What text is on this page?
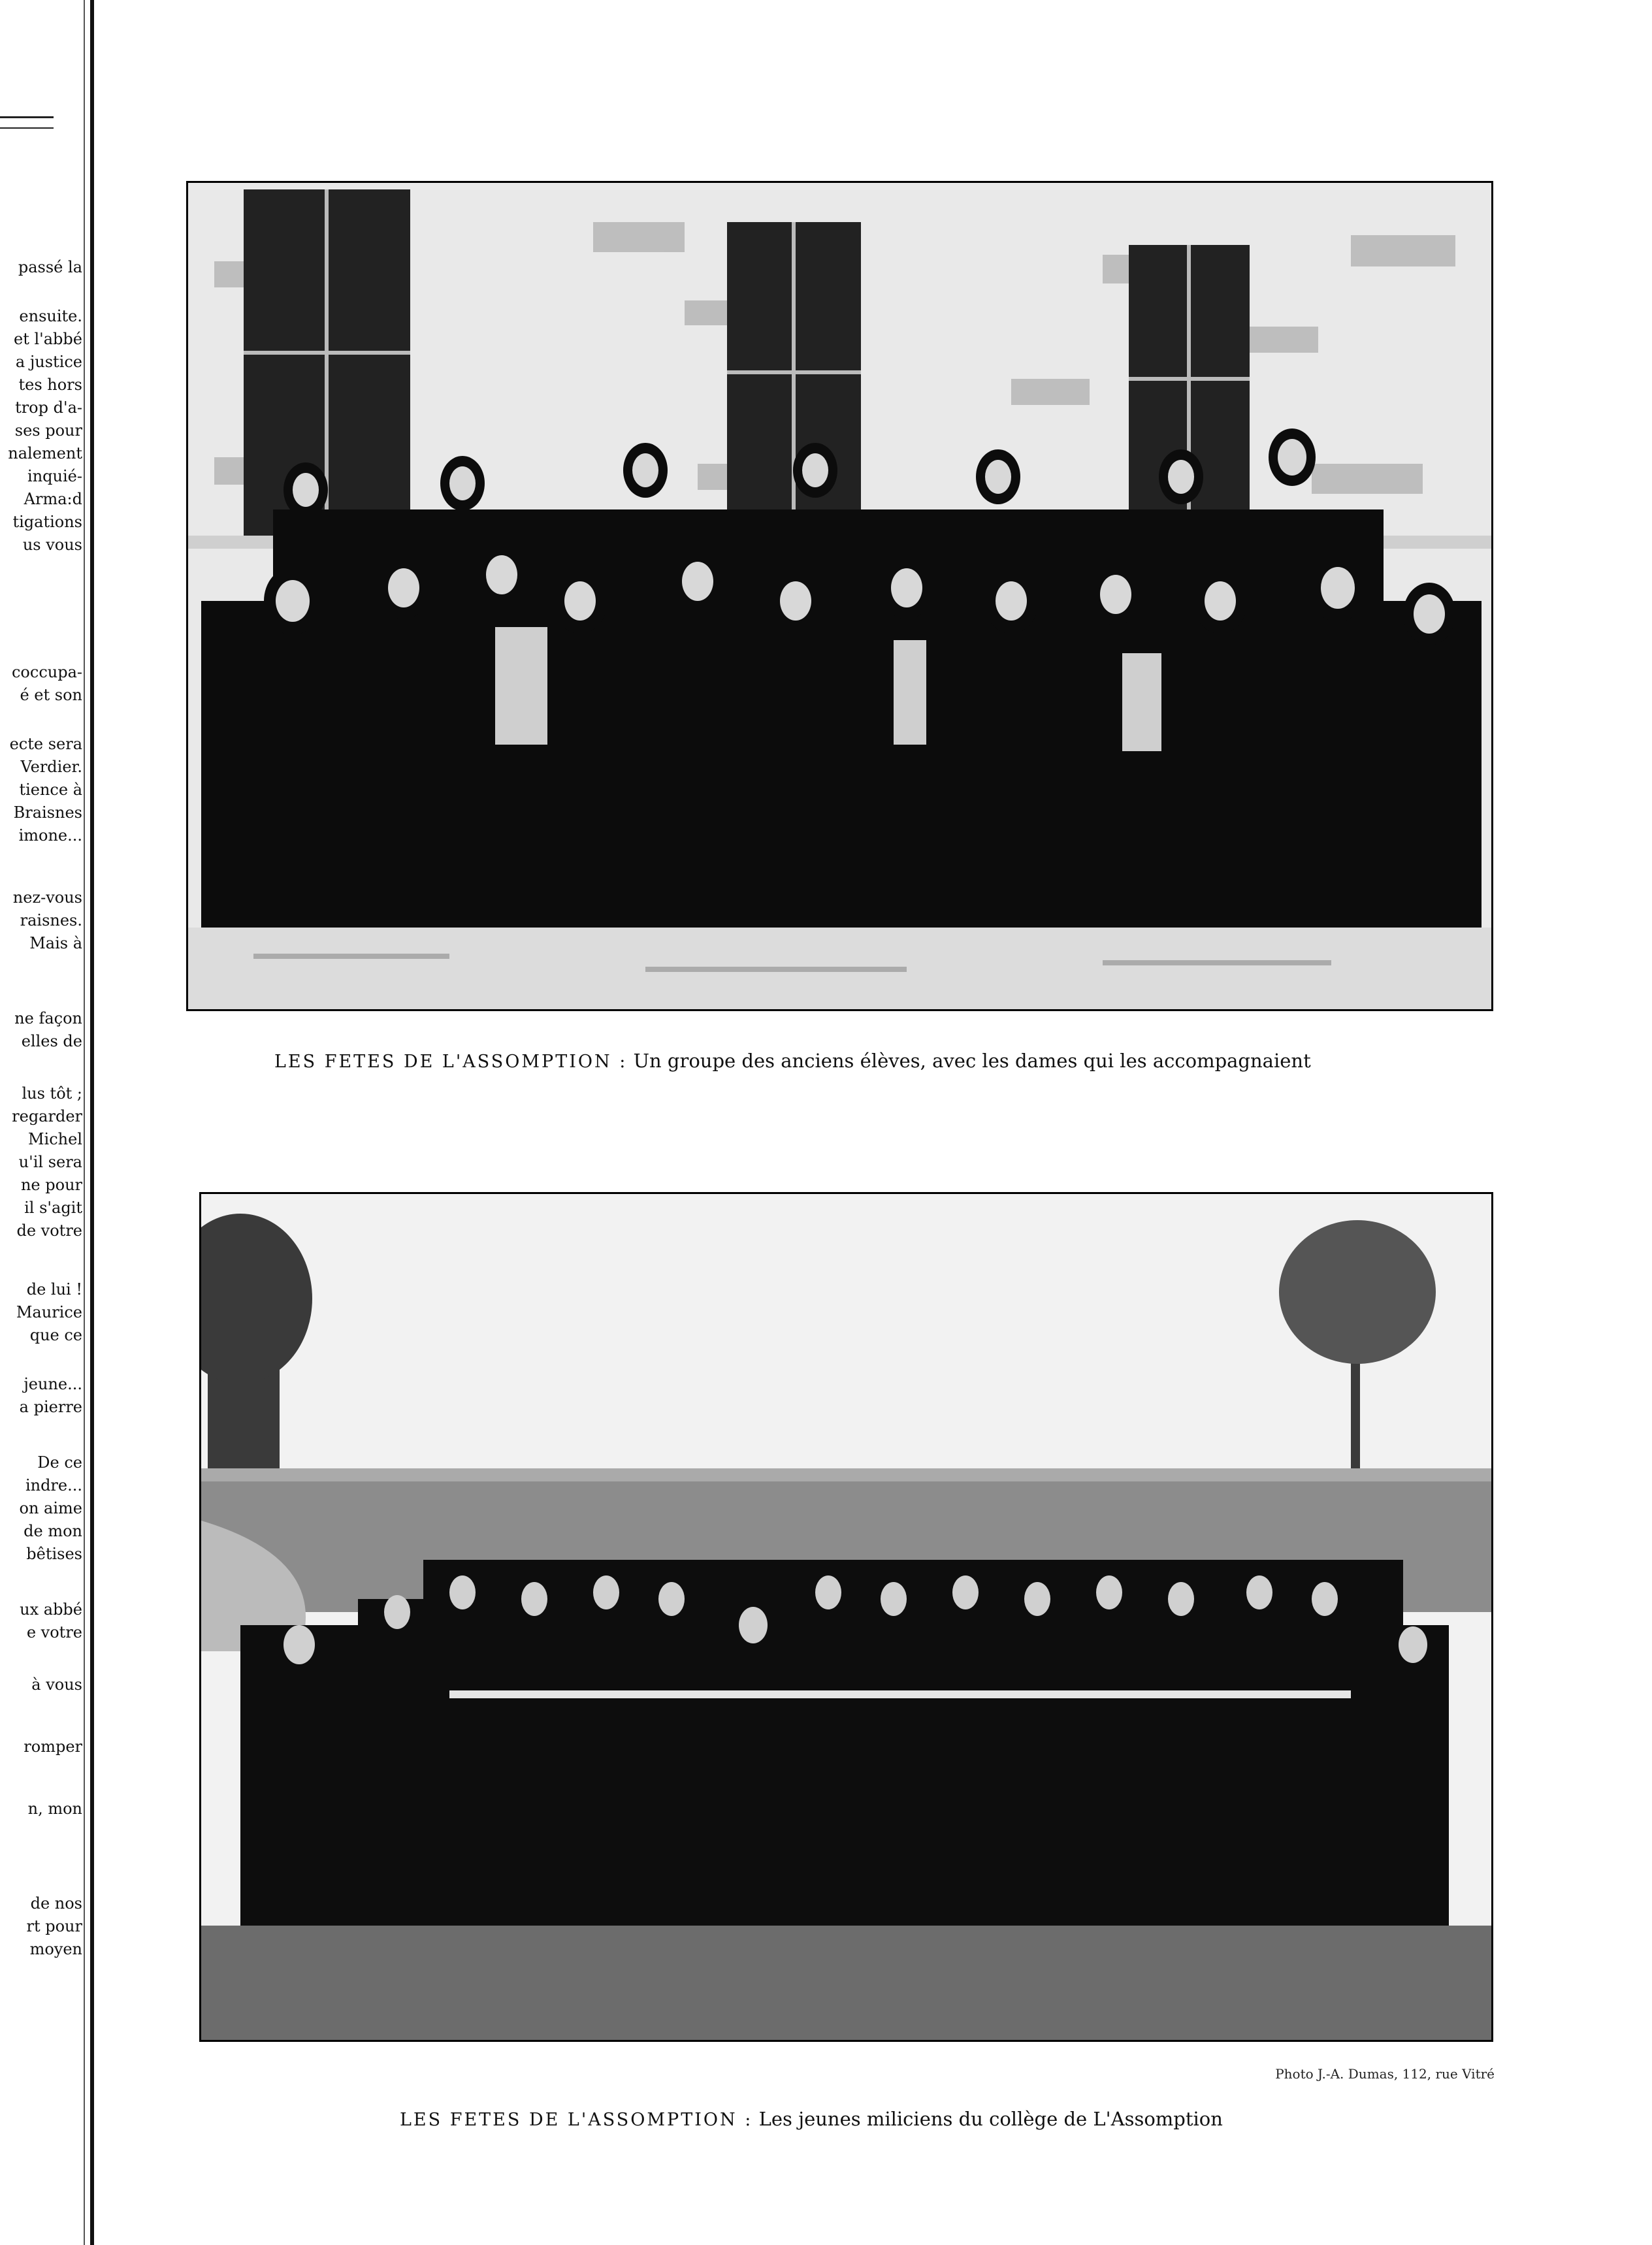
passé la
ensuite.
et l'abbé
a justice
tes hors
trop d'a-
ses pour
nalement
inquié-
Arma:d
tigations
us vous
coccupa-
é et son
ecte sera
Verdier.
tience à
Braisnes
imone...
nez-vous
raisnes.
Mais à
ne façon
elles de
lus tôt ;
regarder
Michel
u'il sera
ne pour
il s'agit
de votre
de lui !
Maurice
que ce
jeune...
a pierre
De ce
indre...
on aime
de mon
bêtises
ux abbé
e votre
à vous
romper
n, mon
de nos
rt pour
moyen
LES FETES DE L'ASSOMPTION : Un groupe des anciens élèves, avec les dames qui les accompagnaient
Photo J.-A. Dumas, 112, rue Vitré
LES FETES DE L'ASSOMPTION : Les jeunes miliciens du collège de L'Assomption
